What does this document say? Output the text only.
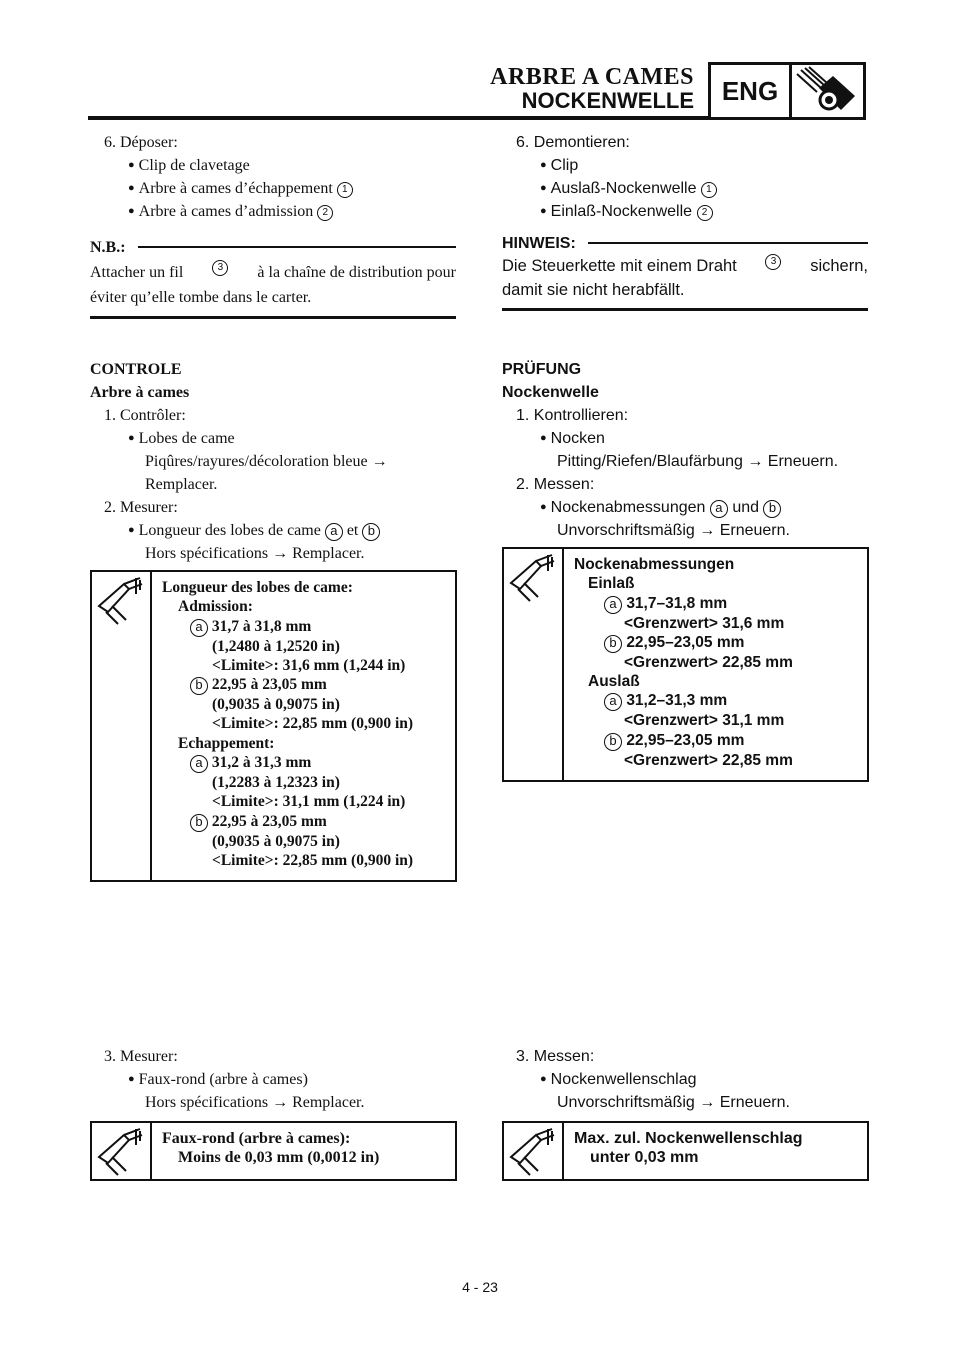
ARBRE A CAMES
NOCKENWELLE	ENG
6. Déposer:
● Clip de clavetage
● Arbre à cames d’échappement 1
● Arbre à cames d’admission 2
N.B.:
Attacher un fil	3	à la chaîne de distribution pour
éviter qu’elle tombe dans le carter.
CONTROLE
Arbre à cames
1. Contrôler:
● Lobes de came
Piqûres/rayures/décoloration bleue →
Remplacer.
2. Mesurer:
● Longueur des lobes de came a et b
Hors spécifications → Remplacer.
Longueur des lobes de came:
Admission:
a 31,7 à 31,8 mm
(1,2480 à 1,2520 in)
<Limite>: 31,6 mm (1,244 in)
b 22,95 à 23,05 mm
(0,9035 à 0,9075 in)
<Limite>: 22,85 mm (0,900 in)
Echappement:
a 31,2 à 31,3 mm
(1,2283 à 1,2323 in)
<Limite>: 31,1 mm (1,224 in)
b 22,95 à 23,05 mm
(0,9035 à 0,9075 in)
<Limite>: 22,85 mm (0,900 in)
3. Mesurer:
● Faux-rond (arbre à cames)
Hors spécifications → Remplacer.
Faux-rond (arbre à cames):
Moins de 0,03 mm (0,0012 in)
6. Demontieren:
● Clip
● Auslaß-Nockenwelle 1
● Einlaß-Nockenwelle 2
HINWEIS:
Die Steuerkette mit einem Draht	3	sichern,
damit sie nicht herabfällt.
PRÜFUNG
Nockenwelle
1. Kontrollieren:
● Nocken
Pitting/Riefen/Blaufärbung → Erneuern.
2. Messen:
● Nockenabmessungen a und b
Unvorschriftsmäßig → Erneuern.
Nockenabmessungen
Einlaß
a 31,7–31,8 mm
<Grenzwert> 31,6 mm
b 22,95–23,05 mm
<Grenzwert> 22,85 mm
Auslaß
a 31,2–31,3 mm
<Grenzwert> 31,1 mm
b 22,95–23,05 mm
<Grenzwert> 22,85 mm
3. Messen:
● Nockenwellenschlag
Unvorschriftsmäßig → Erneuern.
Max. zul. Nockenwellenschlag
unter 0,03 mm
4 - 23
